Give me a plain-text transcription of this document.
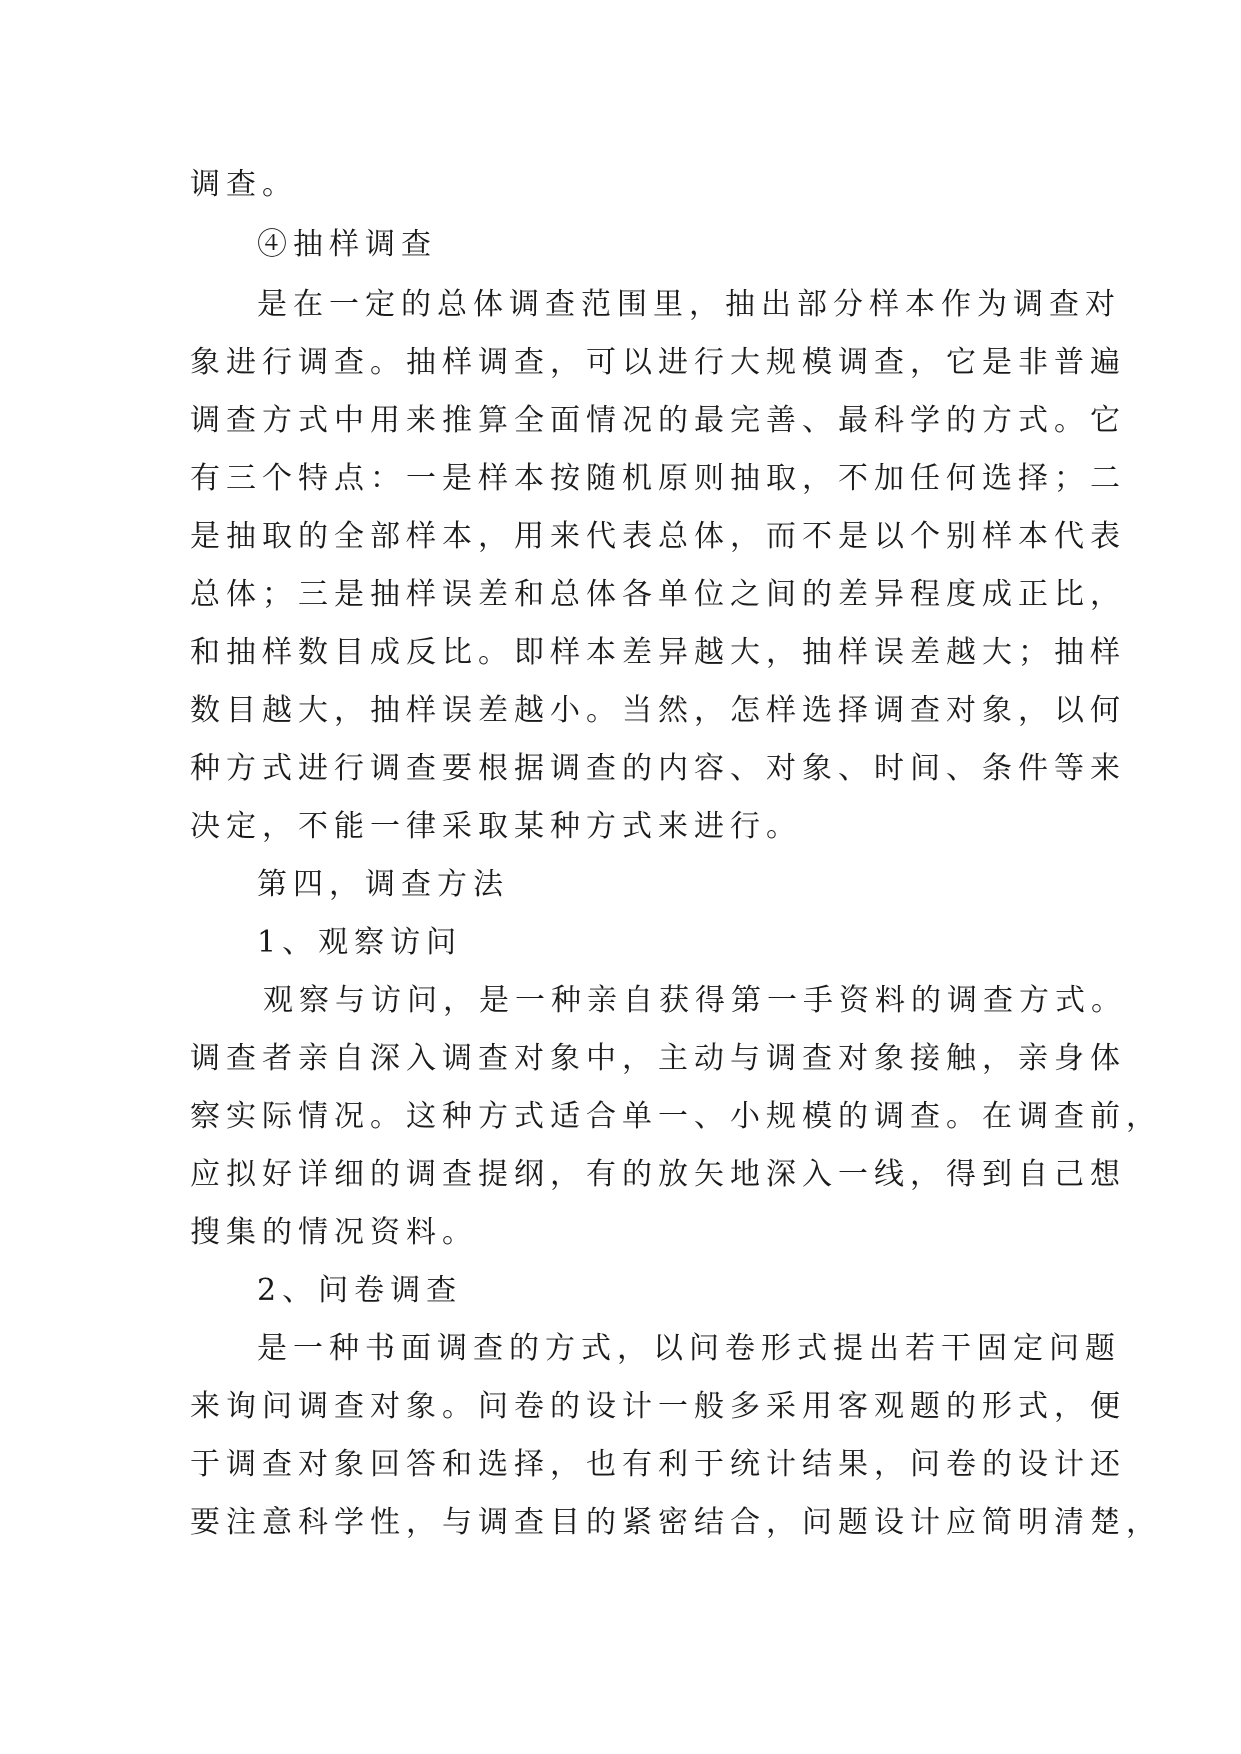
调查。
④抽样调查
是在一定的总体调查范围里，抽出部分样本作为调查对
象进行调查。抽样调查，可以进行大规模调查，它是非普遍
调查方式中用来推算全面情况的最完善、最科学的方式。它
有三个特点：一是样本按随机原则抽取，不加任何选择；二
是抽取的全部样本，用来代表总体，而不是以个别样本代表
总体；三是抽样误差和总体各单位之间的差异程度成正比，
和抽样数目成反比。即样本差异越大，抽样误差越大；抽样
数目越大，抽样误差越小。当然，怎样选择调查对象，以何
种方式进行调查要根据调查的内容、对象、时间、条件等来
决定，不能一律采取某种方式来进行。
第四，调查方法
1、观察访问
观察与访问，是一种亲自获得第一手资料的调查方式。
调查者亲自深入调查对象中，主动与调查对象接触，亲身体
察实际情况。这种方式适合单一、小规模的调查。在调查前，
应拟好详细的调查提纲，有的放矢地深入一线，得到自己想
搜集的情况资料。
2、问卷调查
是一种书面调查的方式，以问卷形式提出若干固定问题
来询问调查对象。问卷的设计一般多采用客观题的形式，便
于调查对象回答和选择，也有利于统计结果，问卷的设计还
要注意科学性，与调查目的紧密结合，问题设计应简明清楚，
